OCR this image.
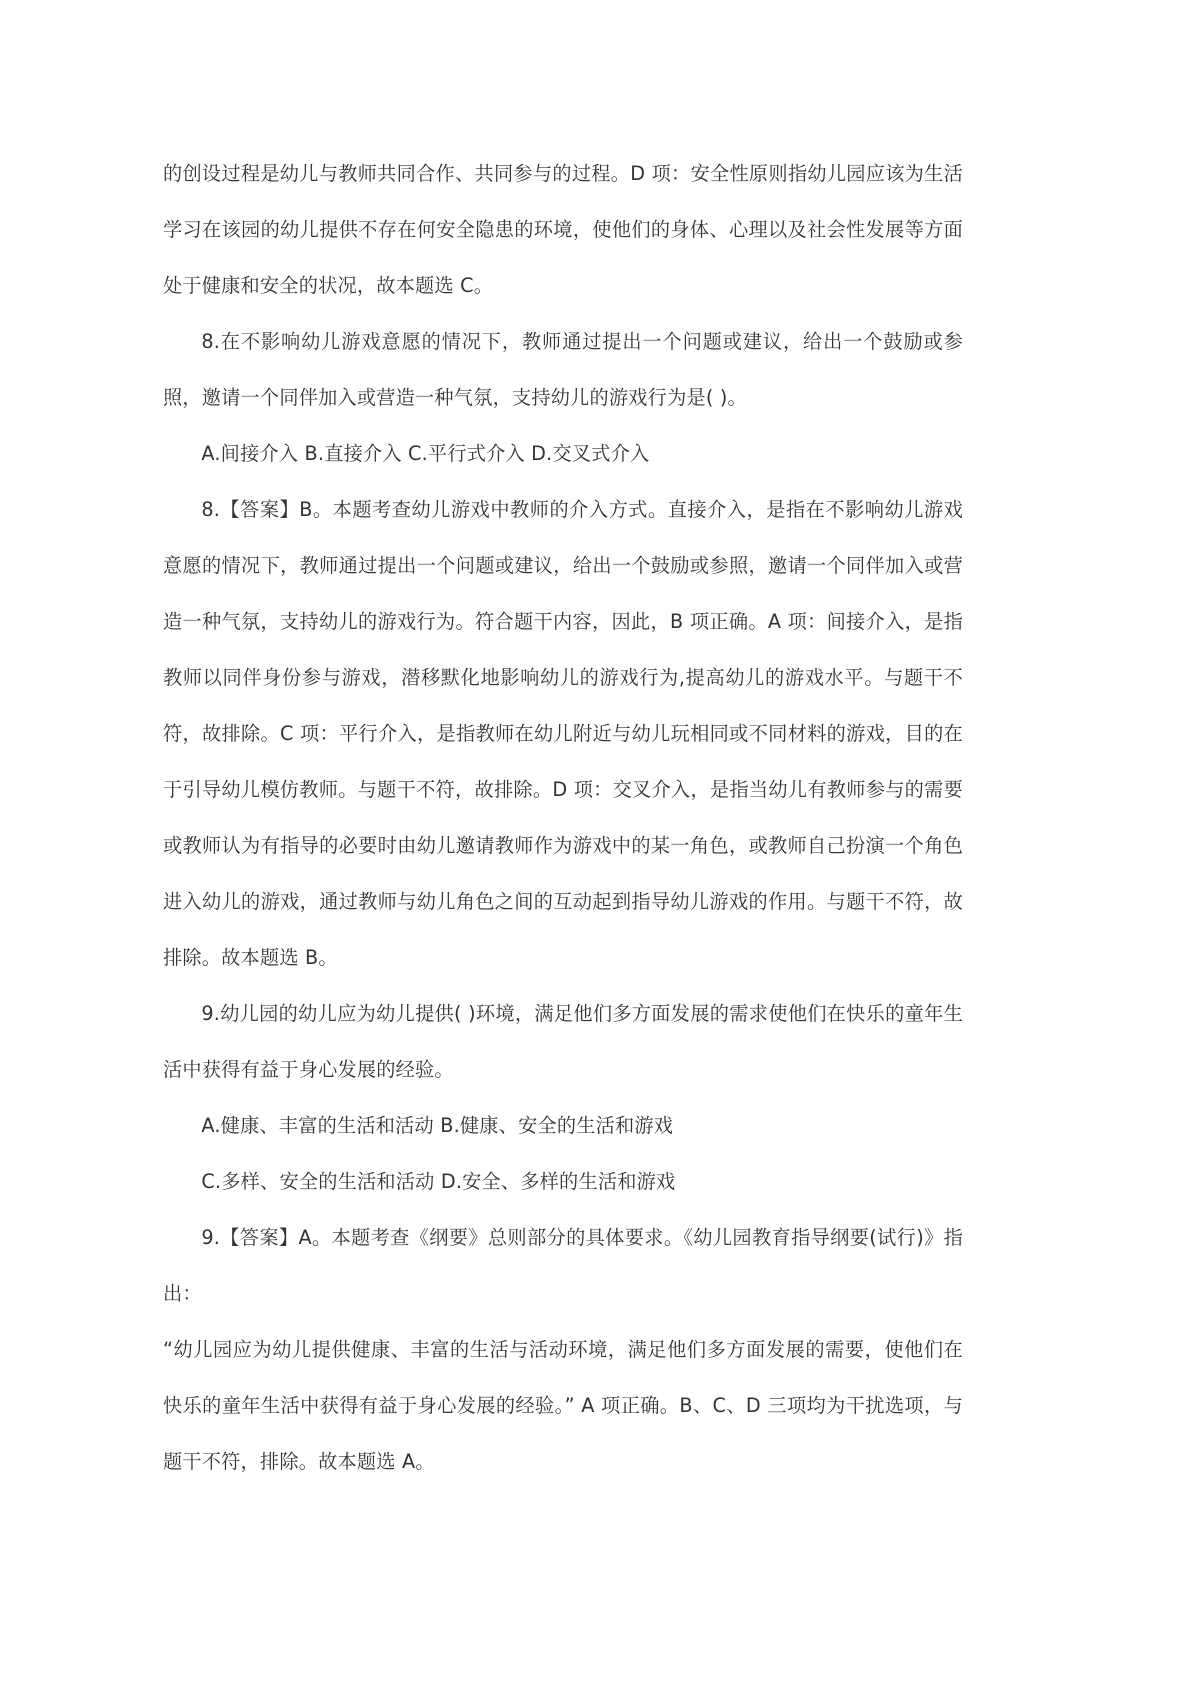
的创设过程是幼儿与教师共同合作、共同参与的过程。D 项：安全性原则指幼儿园应该为生活学习在该园的幼儿提供不存在何安全隐患的环境，使他们的身体、心理以及社会性发展等方面处于健康和安全的状况，故本题选 C。

8.在不影响幼儿游戏意愿的情况下，教师通过提出一个问题或建议，给出一个鼓励或参照，邀请一个同伴加入或营造一种气氛，支持幼儿的游戏行为是( )。

A.间接介入 B.直接介入 C.平行式介入 D.交叉式介入

8.【答案】B。本题考查幼儿游戏中教师的介入方式。直接介入，是指在不影响幼儿游戏意愿的情况下，教师通过提出一个问题或建议，给出一个鼓励或参照，邀请一个同伴加入或营造一种气氛，支持幼儿的游戏行为。符合题干内容，因此，B 项正确。A 项：间接介入，是指教师以同伴身份参与游戏，潜移默化地影响幼儿的游戏行为,提高幼儿的游戏水平。与题干不符，故排除。C 项：平行介入，是指教师在幼儿附近与幼儿玩相同或不同材料的游戏，目的在于引导幼儿模仿教师。与题干不符，故排除。D 项：交叉介入，是指当幼儿有教师参与的需要或教师认为有指导的必要时由幼儿邀请教师作为游戏中的某一角色，或教师自己扮演一个角色进入幼儿的游戏，通过教师与幼儿角色之间的互动起到指导幼儿游戏的作用。与题干不符，故排除。故本题选 B。

9.幼儿园的幼儿应为幼儿提供( )环境，满足他们多方面发展的需求使他们在快乐的童年生活中获得有益于身心发展的经验。

A.健康、丰富的生活和活动 B.健康、安全的生活和游戏

C.多样、安全的生活和活动 D.安全、多样的生活和游戏

9.【答案】A。本题考查《纲要》总则部分的具体要求。《幼儿园教育指导纲要(试行)》指出：

“幼儿园应为幼儿提供健康、丰富的生活与活动环境，满足他们多方面发展的需要，使他们在快乐的童年生活中获得有益于身心发展的经验。” A 项正确。B、C、D 三项均为干扰选项，与题干不符，排除。故本题选 A。
